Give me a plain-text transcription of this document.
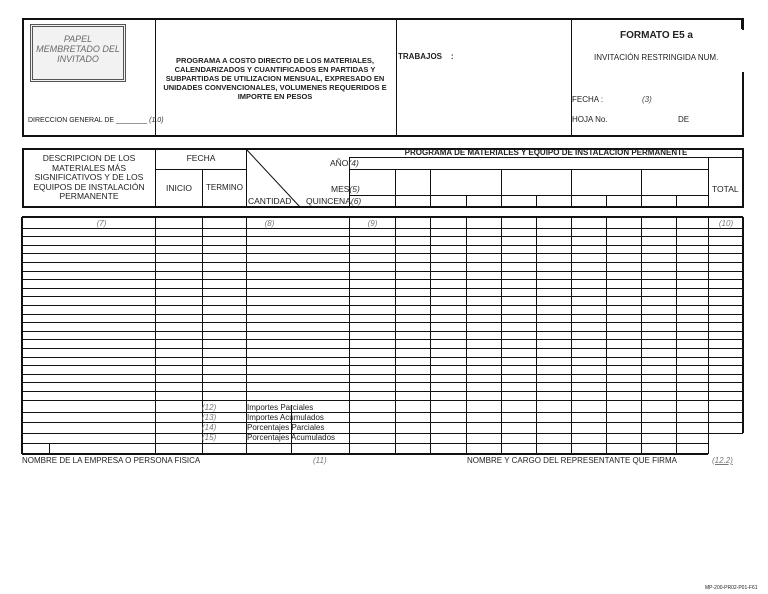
PAPEL
MEMBRETADO DEL
INVITADO
DIRECCION GENERAL DE ________ (1.0)
PROGRAMA A COSTO DIRECTO DE LOS MATERIALES, CALENDARIZADOS Y CUANTIFICADOS EN PARTIDAS Y SUBPARTIDAS DE UTILIZACION MENSUAL, EXPRESADO EN UNIDADES CONVENCIONALES, VOLUMENES REQUERIDOS E IMPORTE EN PESOS
TRABAJOS    :
FORMATO E5 a
INVITACIÓN RESTRINGIDA NUM.
FECHA :	(3)
HOJA No.	DE
DESCRIPCION DE LOS MATERIALES MÁS SIGNIFICATIVOS Y DE LOS EQUIPOS DE INSTALACIÓN PERMANENTE
FECHA
INICIO	TERMINO
AÑO(4)
MES(5)
CANTIDAD QUINCENA(6)
PROGRAMA DE MATERIALES Y EQUIPO DE INSTALACION PERMANENTE
TOTAL
(7)	(8)	(9)	(10)
(12)	Importes Parciales
(13)	Importes Acumulados
(14)	Porcentajes Parciales
(15)	Porcentajes Acumulados
NOMBRE DE LA EMPRESA O PERSONA FISICA	(11)	NOMBRE Y CARGO DEL REPRESENTANTE QUE FIRMA	(12.2)
MP-200-PR02-P01-F61
